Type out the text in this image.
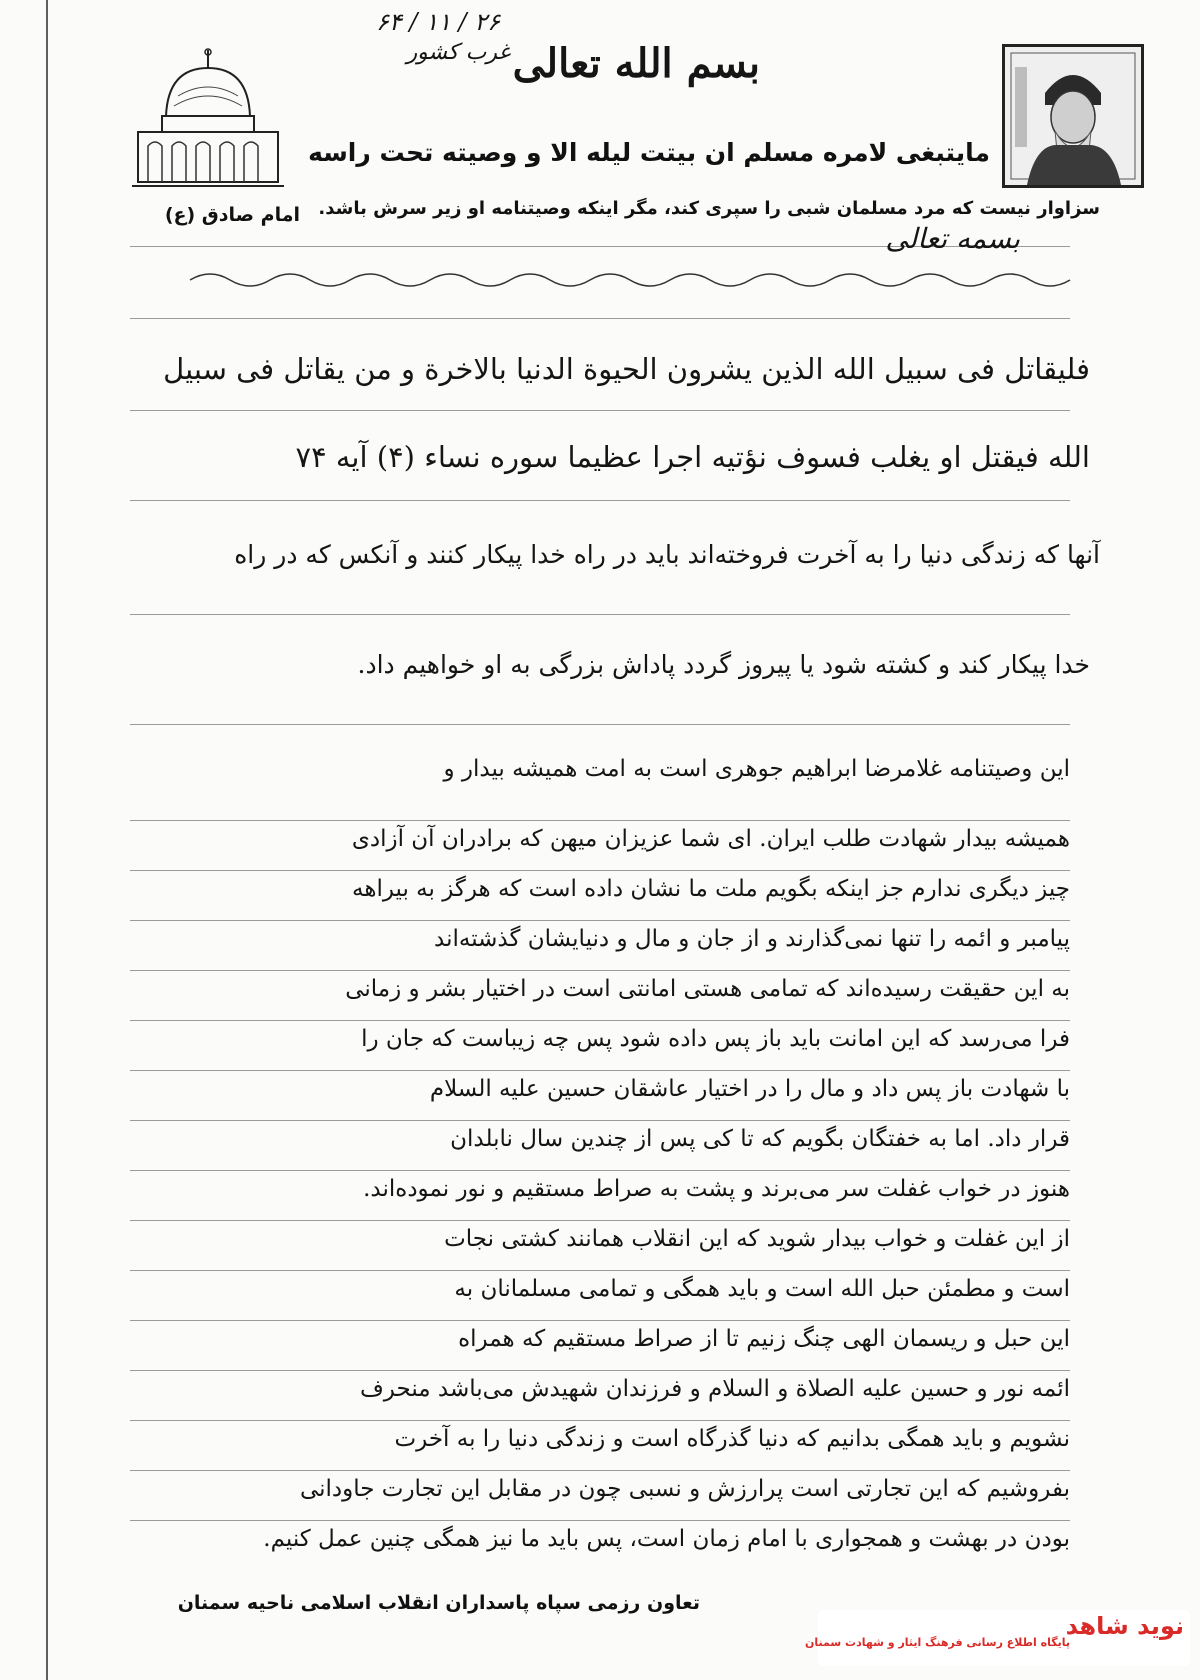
۲۶ / ۱۱ / ۶۴
غرب کشور بسم الله تعالی
مایتبغی لامره مسلم ان بیتت لیله الا و وصیته تحت راسه
سزاوار نیست که مرد مسلمان شبی را سپری کند، مگر اینکه وصیتنامه او زیر سرش باشد.
امام صادق (ع)
بسمه تعالی
فلیقاتل فی سبیل الله الذین یشرون الحیوة الدنیا بالاخرة و من یقاتل فی سبیل
الله فیقتل او یغلب فسوف نؤتیه اجرا عظیما سوره نساء (۴) آیه ۷۴
آنها که زندگی دنیا را به آخرت فروخته‌اند باید در راه خدا پیکار کنند و آنکس که در راه
خدا پیکار کند و کشته شود یا پیروز گردد پاداش بزرگی به او خواهیم داد.
این وصیتنامه غلامرضا ابراهیم جوهری است به امت همیشه بیدار و
همیشه بیدار شهادت طلب ایران. ای شما عزیزان میهن که برادران آن آزادی
چیز دیگری ندارم جز اینکه بگویم ملت ما نشان داده است که هرگز به بیراهه
پیامبر و ائمه را تنها نمی‌گذارند و از جان و مال و دنیایشان گذشته‌اند
به این حقیقت رسیده‌اند که تمامی هستی امانتی است در اختیار بشر و زمانی
فرا می‌رسد که این امانت باید باز پس داده شود پس چه زیباست که جان را
با شهادت باز پس داد و مال را در اختیار عاشقان حسین علیه السلام
قرار داد. اما به خفتگان بگویم که تا کی پس از چندین سال نابلدان
هنوز در خواب غفلت سر می‌برند و پشت به صراط مستقیم و نور نموده‌اند.
از این غفلت و خواب بیدار شوید که این انقلاب همانند کشتی نجات
است و مطمئن حبل الله است و باید همگی و تمامی مسلمانان به
این حبل و ریسمان الهی چنگ زنیم تا از صراط مستقیم که همراه
ائمه نور و حسین علیه الصلاة و السلام و فرزندان شهیدش می‌باشد منحرف
نشویم و باید همگی بدانیم که دنیا گذرگاه است و زندگی دنیا را به آخرت
بفروشیم که این تجارتی است پرارزش و نسبی چون در مقابل این تجارت جاودانی
بودن در بهشت و همجواری با امام زمان است، پس باید ما نیز همگی چنین عمل کنیم.
تعاون رزمی سپاه پاسداران انقلاب اسلامی ناحیه سمنان
نوید شاهد
پایگاه اطلاع رسانی فرهنگ ایثار و شهادت سمنان
